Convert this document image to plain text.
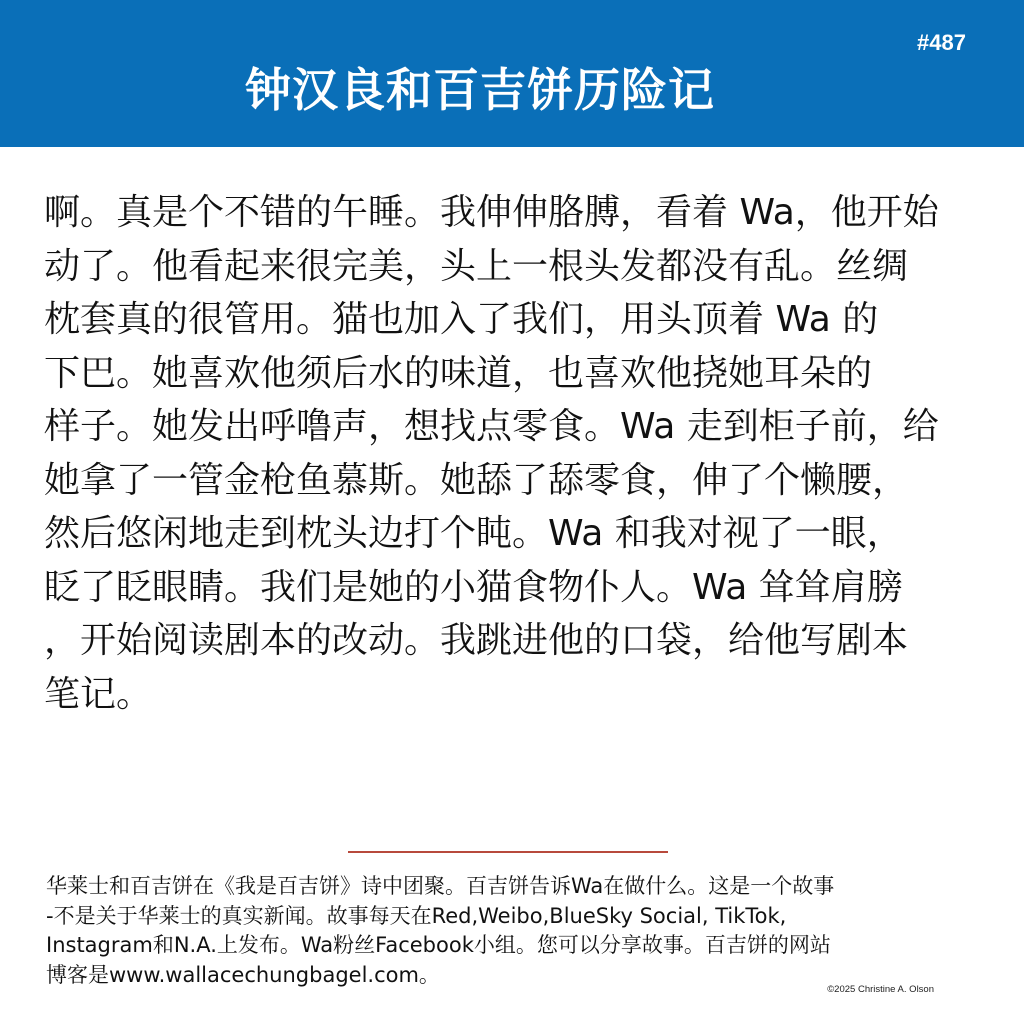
#487
钟汉良和百吉饼历险记

啊。真是个不错的午睡。我伸伸胳膊，看着 Wa，他开始
动了。他看起来很完美，头上一根头发都没有乱。丝绸
枕套真的很管用。猫也加入了我们，用头顶着 Wa 的
下巴。她喜欢他须后水的味道，也喜欢他挠她耳朵的
样子。她发出呼噜声，想找点零食。Wa 走到柜子前，给
她拿了一管金枪鱼慕斯。她舔了舔零食，伸了个懒腰，
然后悠闲地走到枕头边打个盹。Wa 和我对视了一眼，
眨了眨眼睛。我们是她的小猫食物仆人。Wa 耸耸肩膀
，开始阅读剧本的改动。我跳进他的口袋，给他写剧本
笔记。

华莱士和百吉饼在《我是百吉饼》诗中团聚。百吉饼告诉Wa在做什么。这是一个故事
-不是关于华莱士的真实新闻。故事每天在Red,Weibo,BlueSky Social, TikTok,
Instagram和N.A.上发布。Wa粉丝Facebook小组。您可以分享故事。百吉饼的网站
博客是www.wallacechungbagel.com。

©2025 Christine A. Olson
